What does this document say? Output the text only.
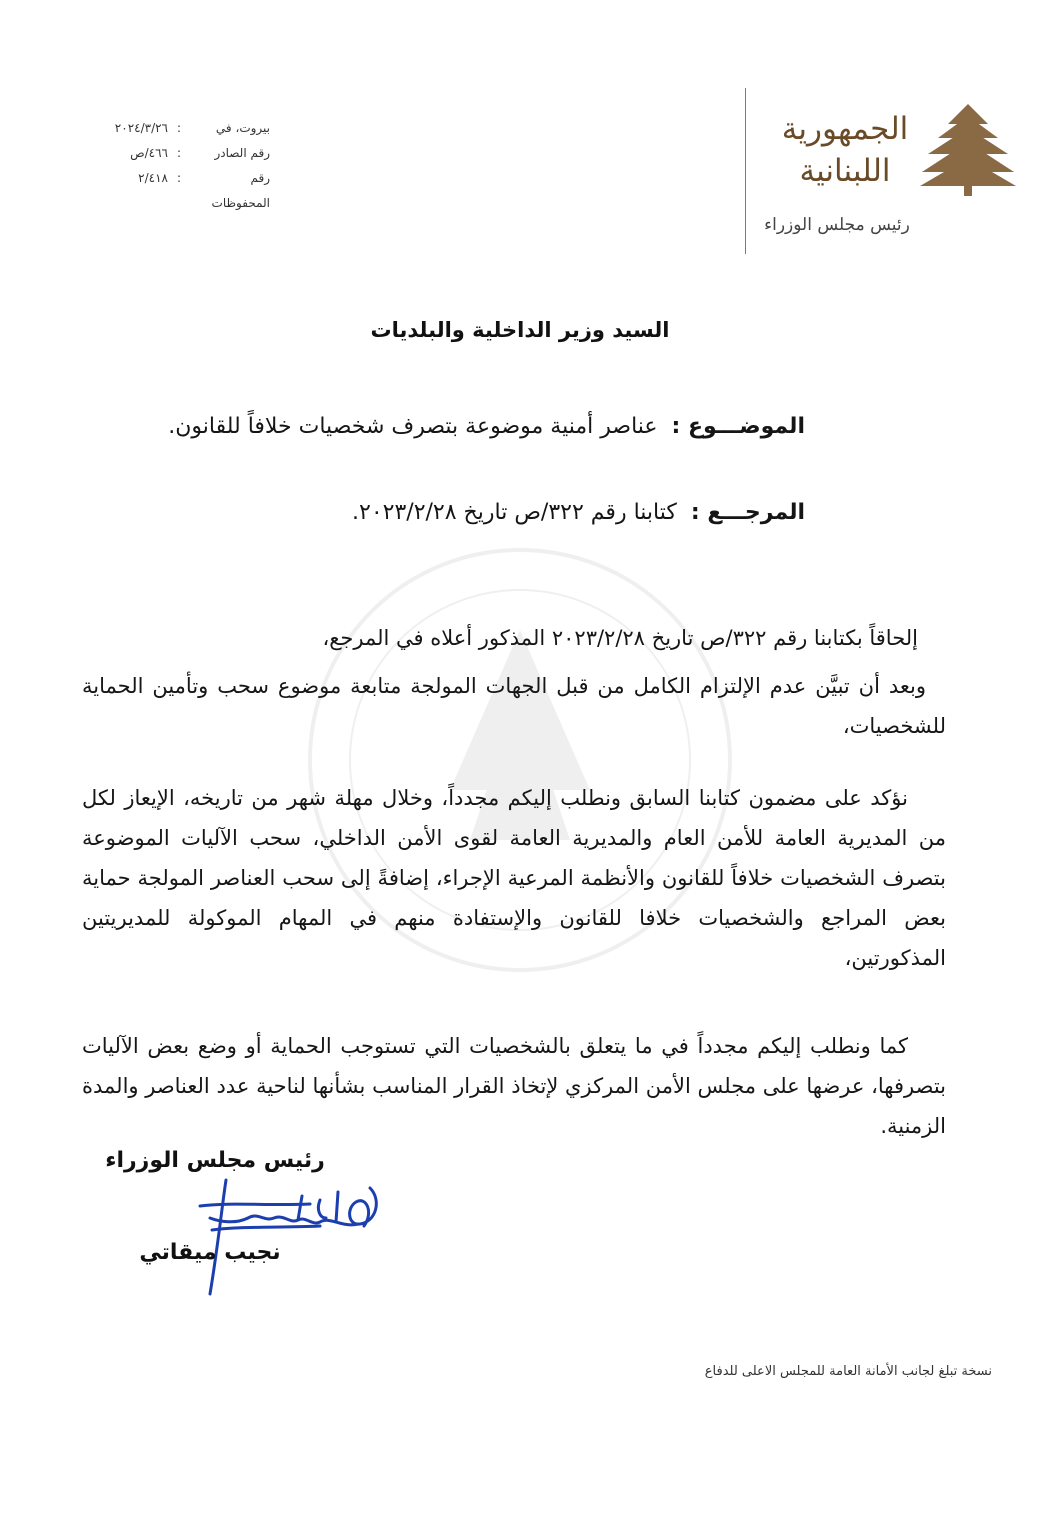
الجمهورية
اللبنانية
رئيس مجلس الوزراء
بيروت، في
:
٢٠٢٤/٣/٢٦
رقم الصادر
:
٤٦٦/ص
رقم المحفوظات
:
٢/٤١٨
السيد وزير الداخلية والبلديات
الموضـــوع :عناصر أمنية موضوعة بتصرف شخصيات خلافاً للقانون.
المرجـــع :كتابنا رقم ٣٢٢/ص تاريخ ٢٠٢٣/٢/٢٨.

إلحاقاً بكتابنا رقم ٣٢٢/ص تاريخ ٢٠٢٣/٢/٢٨ المذكور أعلاه في المرجع،

وبعد أن تبيَّن عدم الإلتزام الكامل من قبل الجهات المولجة متابعة موضوع سحب وتأمين الحماية للشخصيات،

نؤكد على مضمون كتابنا السابق ونطلب إليكم مجدداً، وخلال مهلة شهر من تاريخه، الإيعاز لكل من المديرية العامة للأمن العام والمديرية العامة لقوى الأمن الداخلي، سحب الآليات الموضوعة بتصرف الشخصيات خلافاً للقانون والأنظمة المرعية الإجراء، إضافةً إلى سحب العناصر المولجة حماية بعض المراجع والشخصيات خلافا للقانون والإستفادة منهم في المهام الموكولة للمديريتين المذكورتين،

كما ونطلب إليكم مجدداً في ما يتعلق بالشخصيات التي تستوجب الحماية أو وضع بعض الآليات بتصرفها، عرضها على مجلس الأمن المركزي لإتخاذ القرار المناسب بشأنها لناحية عدد العناصر والمدة الزمنية.

رئيس مجلس الوزراء
نجيب ميقاتي
نسخة تبلغ لجانب الأمانة العامة للمجلس الاعلى للدفاع
